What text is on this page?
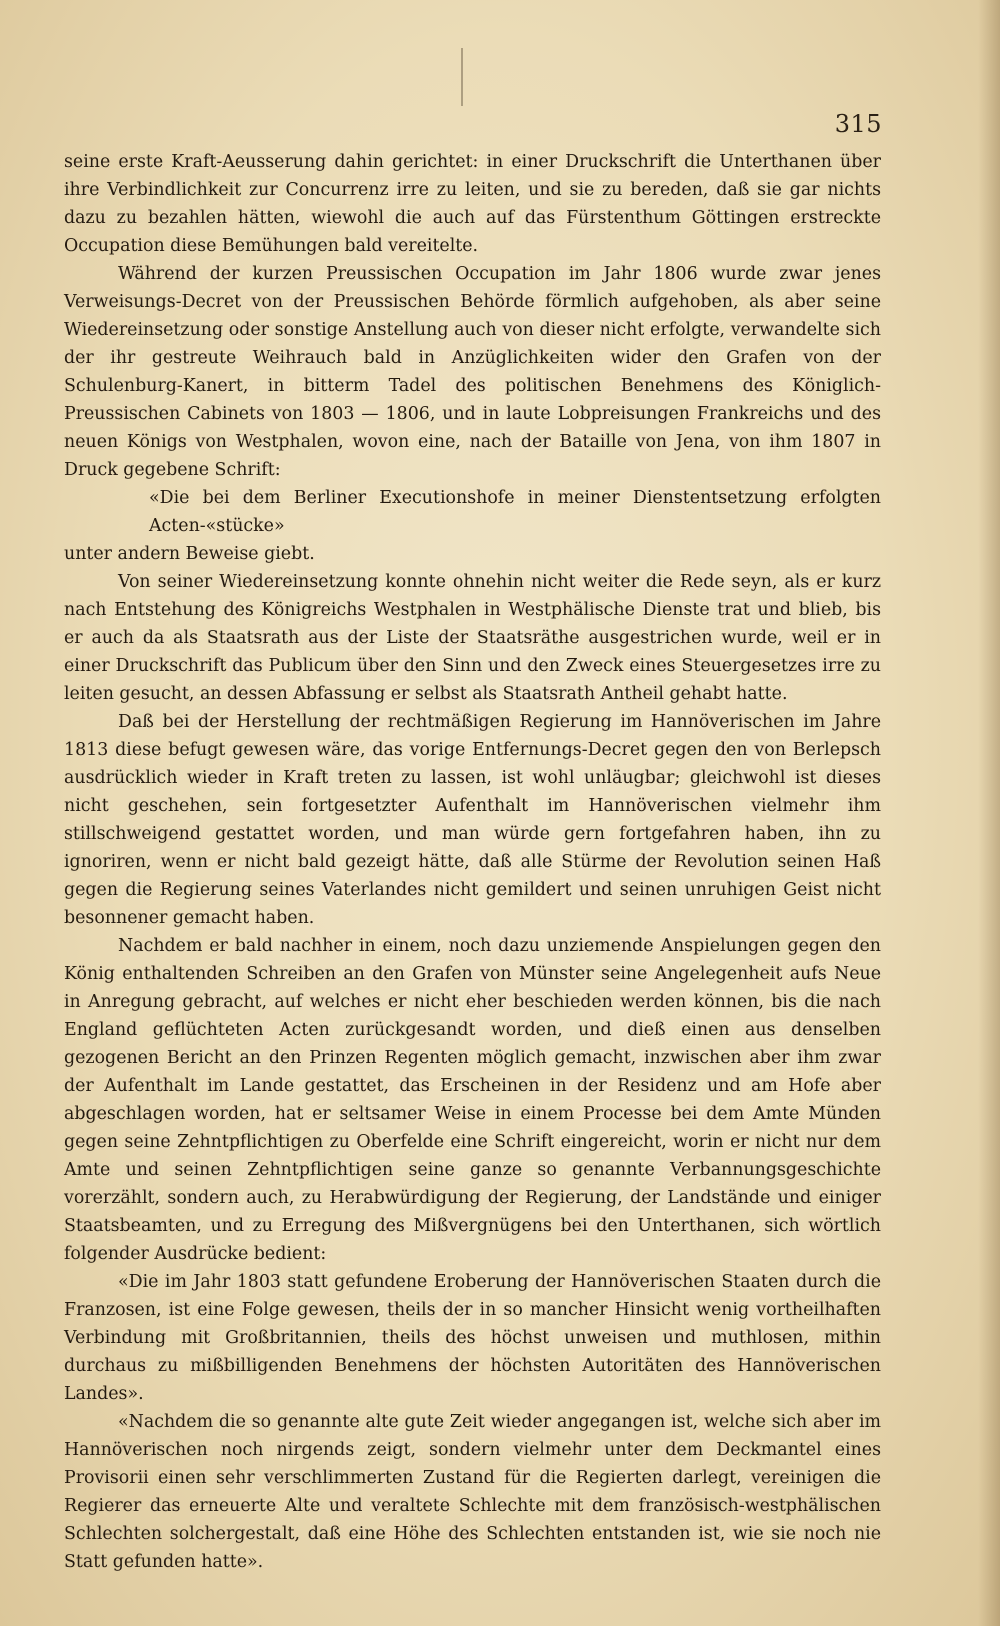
315

seine erste Kraft-Aeusserung dahin gerichtet: in einer Druckschrift die Unterthanen über ihre Verbindlichkeit zur Concurrenz irre zu leiten, und sie zu bereden, daß sie gar nichts dazu zu bezahlen hätten, wiewohl die auch auf das Fürstenthum Göttingen erstreckte Occupation diese Bemühungen bald vereitelte.

Während der kurzen Preussischen Occupation im Jahr 1806 wurde zwar jenes Verweisungs-Decret von der Preussischen Behörde förmlich aufgehoben, als aber seine Wiedereinsetzung oder sonstige Anstellung auch von dieser nicht erfolgte, verwandelte sich der ihr gestreute Weihrauch bald in Anzüglichkeiten wider den Grafen von der Schulenburg-Kanert, in bitterm Tadel des politischen Benehmens des Königlich-Preussischen Cabinets von 1803 — 1806, und in laute Lobpreisungen Frankreichs und des neuen Königs von Westphalen, wovon eine, nach der Bataille von Jena, von ihm 1807 in Druck gegebene Schrift:

«Die bei dem Berliner Executionshofe in meiner Dienstentsetzung erfolgten Acten-«stücke»

unter andern Beweise giebt.

Von seiner Wiedereinsetzung konnte ohnehin nicht weiter die Rede seyn, als er kurz nach Entstehung des Königreichs Westphalen in Westphälische Dienste trat und blieb, bis er auch da als Staatsrath aus der Liste der Staatsräthe ausgestrichen wurde, weil er in einer Druckschrift das Publicum über den Sinn und den Zweck eines Steuergesetzes irre zu leiten gesucht, an dessen Abfassung er selbst als Staatsrath Antheil gehabt hatte.

Daß bei der Herstellung der rechtmäßigen Regierung im Hannöverischen im Jahre 1813 diese befugt gewesen wäre, das vorige Entfernungs-Decret gegen den von Berlepsch ausdrücklich wieder in Kraft treten zu lassen, ist wohl unläugbar; gleichwohl ist dieses nicht geschehen, sein fortgesetzter Aufenthalt im Hannöverischen vielmehr ihm stillschweigend gestattet worden, und man würde gern fortgefahren haben, ihn zu ignoriren, wenn er nicht bald gezeigt hätte, daß alle Stürme der Revolution seinen Haß gegen die Regierung seines Vaterlandes nicht gemildert und seinen unruhigen Geist nicht besonnener gemacht haben.

Nachdem er bald nachher in einem, noch dazu unziemende Anspielungen gegen den König enthaltenden Schreiben an den Grafen von Münster seine Angelegenheit aufs Neue in Anregung gebracht, auf welches er nicht eher beschieden werden können, bis die nach England geflüchteten Acten zurückgesandt worden, und dieß einen aus denselben gezogenen Bericht an den Prinzen Regenten möglich gemacht, inzwischen aber ihm zwar der Aufenthalt im Lande gestattet, das Erscheinen in der Residenz und am Hofe aber abgeschlagen worden, hat er seltsamer Weise in einem Processe bei dem Amte Münden gegen seine Zehntpflichtigen zu Oberfelde eine Schrift eingereicht, worin er nicht nur dem Amte und seinen Zehntpflichtigen seine ganze so genannte Verbannungsgeschichte vorerzählt, sondern auch, zu Herabwürdigung der Regierung, der Landstände und einiger Staatsbeamten, und zu Erregung des Mißvergnügens bei den Unterthanen, sich wörtlich folgender Ausdrücke bedient:

«Die im Jahr 1803 statt gefundene Eroberung der Hannöverischen Staaten durch die Franzosen, ist eine Folge gewesen, theils der in so mancher Hinsicht wenig vortheilhaften Verbindung mit Großbritannien, theils des höchst unweisen und muthlosen, mithin durchaus zu mißbilligenden Benehmens der höchsten Autoritäten des Hannöverischen Landes».

«Nachdem die so genannte alte gute Zeit wieder angegangen ist, welche sich aber im Hannöverischen noch nirgends zeigt, sondern vielmehr unter dem Deckmantel eines Provisorii einen sehr verschlimmerten Zustand für die Regierten darlegt, vereinigen die Regierer das erneuerte Alte und veraltete Schlechte mit dem französisch-westphälischen Schlechten solchergestalt, daß eine Höhe des Schlechten entstanden ist, wie sie noch nie Statt gefunden hatte».
